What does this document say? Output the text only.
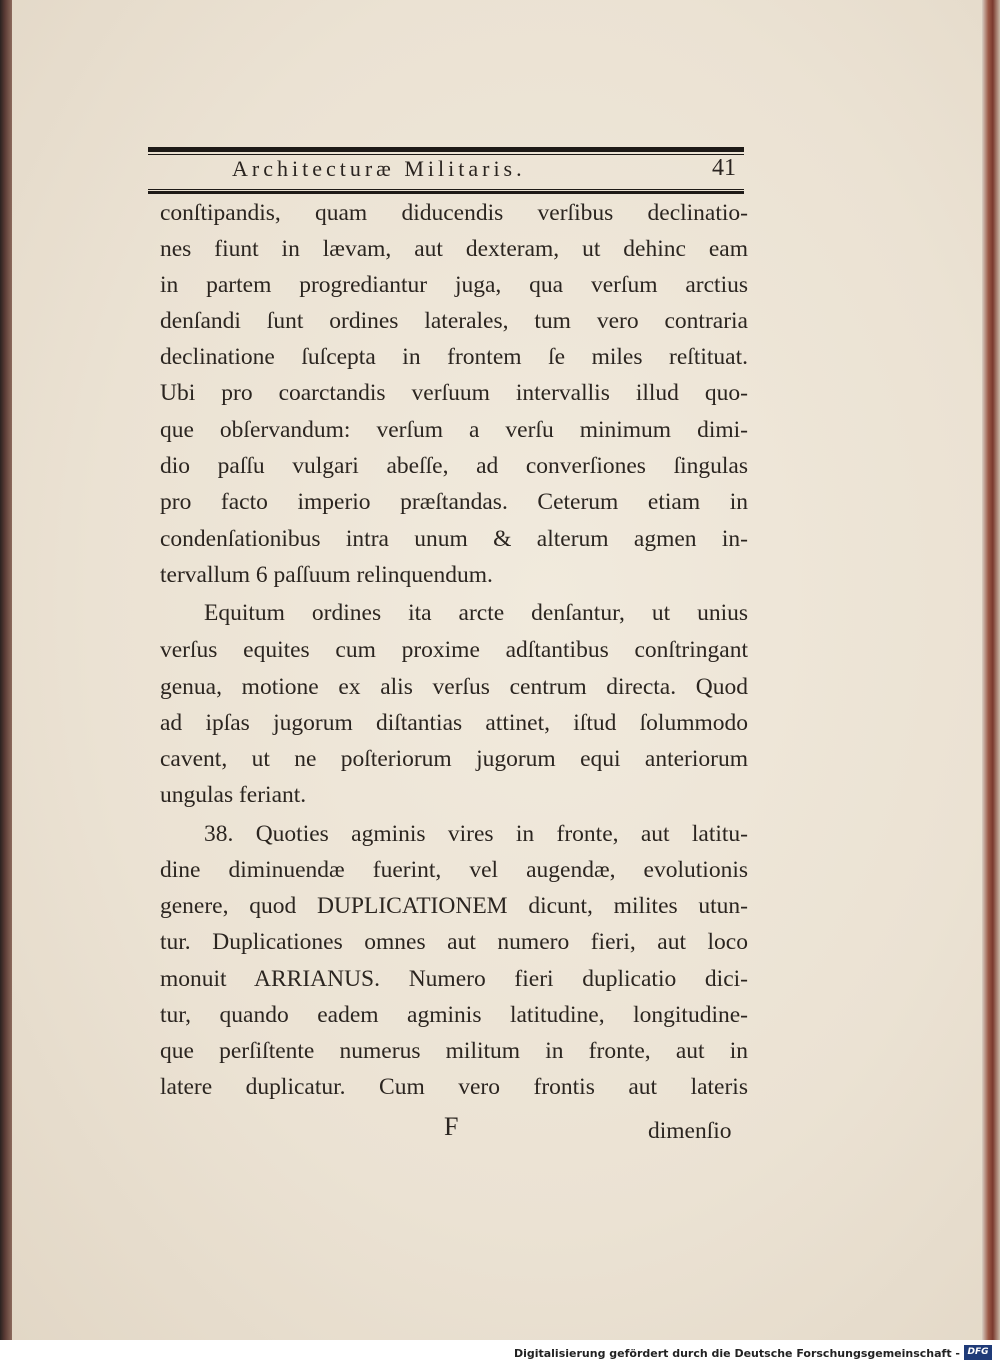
Architecturæ Militaris.	41
conſtipandis, quam diducendis verſibus declinatio-
nes fiunt in lævam, aut dexteram, ut dehinc eam
in partem progrediantur juga, qua verſum arctius
denſandi ſunt ordines laterales, tum vero contraria
declinatione ſuſcepta in frontem ſe miles reſtituat.
Ubi pro coarctandis verſuum intervallis illud quo-
que obſervandum: verſum a verſu minimum dimi-
dio paſſu vulgari abeſſe, ad converſiones ſingulas
pro facto imperio præſtandas. Ceterum etiam in
condenſationibus intra unum & alterum agmen in-
tervallum 6 paſſuum relinquendum.
Equitum ordines ita arcte denſantur, ut unius
verſus equites cum proxime adſtantibus conſtringant
genua, motione ex alis verſus centrum directa. Quod
ad ipſas jugorum diſtantias attinet, iſtud ſolummodo
cavent, ut ne poſteriorum jugorum equi anteriorum
ungulas feriant.
38. Quoties agminis vires in fronte, aut latitu-
dine diminuendæ fuerint, vel augendæ, evolutionis
genere, quod DUPLICATIONEM dicunt, milites utun-
tur. Duplicationes omnes aut numero fieri, aut loco
monuit ARRIANUS. Numero fieri duplicatio dici-
tur, quando eadem agminis latitudine, longitudine-
que perſiſtente numerus militum in fronte, aut in
latere duplicatur. Cum vero frontis aut lateris
F	dimenſio
Digitalisierung gefördert durch die Deutsche Forschungsgemeinschaft - DFG
